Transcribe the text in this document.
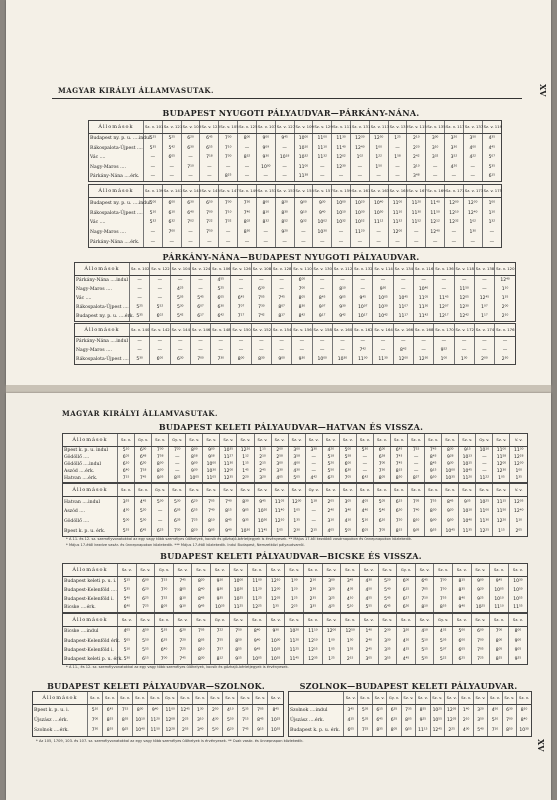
MAGYAR KIRÁLYI ÁLLAMVASUTAK.	XV
BUDAPEST NYUGOTI PÁLYAUDVAR—PÁRKÁNY-NÁNA.
Állomások	Sz. v. 101	Sz. v. 121	Sz. v. 103	Sz. v. 123	Sz. v. 105	Sz. v. 125	Sz. v. 107	Sz. v. 127	Sz. v. 109	Sz. v. 129	Sz. v. 111	Sz. v. 131	Sz. v. 113	Sz. v. 133	Sz. v. 115	Sz. v. 135	Sz. v. 117	Sz. v. 137	Sz. v. 119
Budapest ny. p. u. ....indul	5²⁵	5²⁵	6²⁰	6⁴⁵	7⁰⁰	8⁰⁰	9⁰⁰	9⁴⁵	10⁰⁰	11⁰⁰	11³⁰	12³⁰	12⁵⁰	1²⁵	2¹⁰	3⁰⁰	3²⁰	3⁵⁰	4³⁵
Rákospalota-Újpest ....	5³⁵	5⁴²	6³⁰	6⁵⁵	7¹⁰	—	9⁰⁹	—	10¹⁰	11¹⁰	11⁴⁰	12⁴⁰	1⁰⁰	—	2²⁰	3¹⁰	3³⁰	4⁰⁰	4⁴⁵
Vác ....	—	6⁰⁵	—	7¹⁸	7³⁰	8³²	9³⁰	10¹⁸	10³²	11³²	12⁰²	1⁰²	1²²	1⁵⁸	2⁴²	3³²	3⁵²	4²²	5⁰⁷
Nagy-Maros ....	—	—	7¹⁰	—	—	—	10⁰⁰	—	11⁰⁰	—	12³⁰	—	1⁵⁰	—	3¹⁰	—	4²⁰	—	5³⁵
Párkány-Nána ....érk.	—	—	—	—	8²⁵	—	—	—	11³⁸	—	—	—	—	—	3⁴⁸	—	—	—	6¹⁵
Állomások	Sz. v. 139	Sz. v. 141	Sz. v. 143	Sz. v. 145	Sz. v. 147	Sz. v. 149	Sz. v. 151	Sz. v. 153	Sz. v. 155	Sz. v. 157	Sz. v. 159	Sz. v. 161	Sz. v. 163	Sz. v. 165	Sz. v. 167	Sz. v. 169	Sz. v. 171	Sz. v. 173	Sz. v. 175
Budapest ny. p. u. ....indul	5⁰⁰	6⁰⁰	6³⁰	6⁵⁰	7⁰⁰	7³⁰	8⁰⁰	8²⁰	9⁰⁰	9³⁰	10⁰⁰	10²⁰	10⁴⁰	11⁰⁰	11²⁰	11⁴⁰	12⁰⁰	12³⁰	1⁰⁰
Rákospalota-Újpest ....	5¹⁰	6¹⁰	6⁴⁰	7⁰⁰	7¹⁰	7⁴⁰	8¹⁰	8³⁰	9¹⁰	9⁴⁰	10¹⁰	10³⁰	10⁵⁰	11¹⁰	11³⁰	11⁵⁰	12¹⁰	12⁴⁰	1¹⁰
Vác ....	5³²	6³²	7⁰²	7²²	7³²	8⁰²	8³²	8⁵²	9³²	10⁰²	10³²	10⁵²	11¹²	11³²	11⁵²	12¹²	12³²	1⁰²	1³²
Nagy-Maros ....	—	7⁰⁰	—	7⁵⁰	—	8³⁰	—	9²⁰	—	10³⁰	—	11²⁰	—	12⁰⁰	—	12⁴⁰	—	1³⁰	—
Párkány-Nána ....érk.	—	—	—	—	—	—	—	—	—	—	—	—	—	—	—	—	—	—	—
PÁRKÁNY-NÁNA—BUDAPEST NYUGOTI PÁLYAUDVAR.
Állomások	Sz. v. 102	Sz. v. 122	Sz. v. 104	Sz. v. 124	Sz. v. 106	Sz. v. 126	Sz. v. 108	Sz. v. 128	Sz. v. 110	Sz. v. 130	Sz. v. 112	Sz. v. 132	Sz. v. 114	Sz. v. 134	Sz. v. 116	Sz. v. 136	Sz. v. 118	Sz. v. 138	Sz. v. 120
Párkány-Nána ....indul	—	—	—	—	4⁵⁵	—	—	—	6⁰⁰	—	—	—	—	—	—	—	—	—	12⁴⁰
Nagy-Maros ....	—	—	4²⁵	—	5²⁵	—	6³⁰	—	7⁰⁰	—	8¹⁰	—	9³⁰	—	10⁴⁰	—	11⁵⁰	—	1¹⁰
Vác ....	—	—	5⁰⁵	5⁴⁵	6⁰⁵	6⁴⁵	7⁰⁵	7⁴⁵	8⁰⁵	8⁴⁵	9⁰⁵	9⁴⁵	10⁰⁵	10⁴⁵	11⁰⁵	11⁴⁵	12⁰⁵	12⁴⁵	1³⁵
Rákospalota-Újpest ....	5²⁵	5⁵²	5³⁰	6⁰⁷	6³⁰	7⁰⁷	7³⁰	8⁰⁷	8³⁰	9⁰⁷	9³⁰	10⁰⁷	10³⁰	11⁰⁷	11³⁰	12⁰⁷	12³⁰	1⁰⁷	2⁰⁰
Budapest ny. p. u. ....érk.	5³⁵	6⁰²	5⁴²	6¹⁷	6⁴²	7¹⁷	7⁴²	8¹⁷	8⁴²	9¹⁷	9⁴²	10¹⁷	10⁴²	11¹⁷	11⁴²	12¹⁷	12⁴²	1¹⁷	2¹⁰
Állomások	Sz. v. 140	Sz. v. 142	Sz. v. 144	Sz. v. 146	Sz. v. 148	Sz. v. 150	Sz. v. 152	Sz. v. 154	Sz. v. 156	Sz. v. 158	Sz. v. 160	Sz. v. 162	Sz. v. 164	Sz. v. 166	Sz. v. 168	Sz. v. 170	Sz. v. 172	Sz. v. 174	Sz. v. 176
Párkány-Nána ....indul	—	—	—	—	—	—	—	—	—	—	—	—	—	—	—	—	—	—	—
Nagy-Maros ....	—	—	—	—	—	—	—	—	—	—	—	7⁴²	—	8⁴²	—	9⁵²	—	—	—
Rákospalota-Újpest ....	5³⁰	6⁰⁰	6³⁰	7⁰⁰	7³⁰	8⁰⁰	8³⁰	9⁰⁰	9³⁰	10⁰⁰	10³⁰	11⁰⁰	11³⁰	12⁰⁰	12³⁰	1⁰⁰	1³⁰	2⁰⁰	2³⁰
MAGYAR KIRÁLYI ÁLLAMVASUTAK.
XV
BUDAPEST KELETI PÁLYAUDVAR—HATVAN ÉS VISSZA.
Állomások	Sz. v.	Gy. v.	Sz. v.	Gy. v.	Sz. v.	Sz. v.	Sz. v.	Sz. v.	Sz. v.	Sz. v.	Sz. v.	Sz. v.	Sz. v.	Sz. v.	Sz. v.	Sz. v.	Sz. v.	Sz. v.	Sz. v.	Sz. v.	Sz. v.	Gy. v.	Sz. v.	V. v.
Bpest k. p. u. indul	5¹⁰	6⁰⁰	7⁰⁰	7²⁰	8⁰⁰	9⁰⁰	10³⁵	12²⁰	1¹⁵	2⁰⁰	3⁰⁰	3³⁰	4²⁰	5⁰⁰	5³⁰	6⁰⁰	6⁴⁵	7¹⁵	7⁴⁵	8³⁰	9¹⁵	10¹⁰	11⁰⁰	11³⁰
Gödöllő ....	6⁰⁵	6⁴⁸	7⁵⁸	—	8⁵⁸	9⁵⁸	11²⁷	1¹²	2¹⁰	2⁵⁸	3⁵⁸	—	5¹⁸	5⁵⁸	—	6⁵⁸	7⁴³	—	8⁴³	9²⁸	10¹³	—	11⁵⁸	12²⁸
Gödöllő ....indul	6¹⁰	6⁵⁰	8⁰⁰	—	9⁰⁰	10⁰⁰	11³⁰	1¹⁵	2¹⁵	3⁰⁰	4⁰⁰	—	5²⁰	6⁰⁰	—	7⁰⁰	7⁴⁵	—	8⁴⁵	9³⁰	10¹⁵	—	12⁰⁰	12³⁰
Aszód ....érk.	6⁴⁰	7¹⁸	8³⁰	—	9³⁰	10³⁰	12⁰⁰	1⁴⁵	2⁴⁵	3³⁰	4³⁰	—	5⁵⁰	6³⁰	—	7³⁰	8¹⁵	—	9¹⁵	10⁰⁰	10⁴⁵	—	12³⁰	1⁰⁰
Hatvan ....érk.	7¹⁵	7⁴⁵	9⁰⁵	8³²	10⁰⁵	11⁰⁵	12³⁵	2²⁰	3²⁰	4⁰⁵	5⁰⁵	4⁴²	6²⁵	7⁰⁵	6⁴²	8⁰⁵	8⁵⁰	8²⁷	9⁵⁰	10³⁵	11²⁰	11²²	1⁰⁵	1³⁵
Állomások	Sz. v.	Sz. v.	Gy. v.	Sz. v.	Sz. v.	Sz. v.	Sz. v.	Sz. v.	Sz. v.	Sz. v.	Sz. v.	Gy. v.	Sz. v.	Sz. v.	Sz. v.	Sz. v.	Sz. v.	Sz. v.	Sz. v.	Sz. v.	Sz. v.	Sz. v.	Sz. v.	V. v.
Hatvan ....indul	3⁵⁵	4⁴⁵	5⁰⁰	5³⁰	6²⁰	7⁰⁵	7⁴⁰	8³⁰	9⁴⁵	11⁰⁵	12³⁰	1¹⁸	2⁰⁵	3⁰⁵	4⁰⁵	5⁰⁵	6¹⁵	7⁰⁵	7⁵⁵	8⁴⁵	9³⁵	10²⁵	11¹⁵	12⁰⁵
Aszód ....	4³⁰	5²⁰	—	6⁰⁵	6⁵⁵	7⁴⁰	8¹⁵	9⁰⁵	10²⁰	11⁴⁰	1⁰⁵	—	2⁴⁰	3⁴⁰	4⁴⁰	5⁴⁰	6⁵⁰	7⁴⁰	8³⁰	9²⁰	10¹⁰	11⁰⁰	11⁵⁰	12⁴⁰
Gödöllő ....	5⁰⁰	5⁵⁰	—	6³⁵	7²⁵	8¹⁰	8⁴⁵	9³⁵	10⁵⁰	12¹⁰	1³⁵	—	3¹⁰	4¹⁰	5¹⁰	6¹⁰	7²⁰	8¹⁰	9⁰⁰	9⁵⁰	10⁴⁰	11³⁰	12²⁰	1¹⁰
Bpest k. p. u. érk.	5⁵⁵	6⁴⁵	6²⁵	7³⁰	8²⁰	9⁰⁵	9⁴⁰	10³⁰	11⁴⁵	1⁰⁵	2³⁰	2¹⁵	4⁰⁵	5⁰⁵	6⁰⁵	7⁰⁵	8¹⁵	9⁰⁵	9⁵⁵	10⁴⁵	11³⁵	12²⁵	1¹⁵	2⁰⁵
* A 11. és 12. sz. személyvonatokkal az egy vagy több személyes ülőhelyek, kocsik és gőzhajó-bérletjegyek is érvényesek. ** Május 17-től kezdődő vasárnapokon és ünnepnapokon közlekedik.
* Május 17-étől kezdve vasár- és ünnepnapokon közlekedik. *** Május 17-étől közlekedik. Indul Budapest, Nemzetközi pályaudvarról.
BUDAPEST KELETI PÁLYAUDVAR—BICSKE ÉS VISSZA.
Állomások	Sz. v.	Sz. v.	Gy. v.	Sz. v.	Sz. v.	Sz. v.	Sz. v.	Sz. v.	Sz. v.	Sz. v.	Sz. v.	Sz. v.	Sz. v.	Sz. v.	Sz. v.	Gy. v.	Sz. v.	Sz. v.	Sz. v.	Sz. v.	Sz. v.	Sz. v.
Budapest keleti p. u. i.	5¹⁵	6⁰⁰	7¹⁵	7⁴⁵	8²⁰	9¹⁰	10⁰⁰	11⁰⁰	12¹⁰	1⁰⁰	2¹⁰	3⁰⁰	3⁴⁵	4³⁰	5²⁰	6⁰⁰	6⁴⁵	7³⁰	8¹⁵	9⁰⁰	9⁴⁵	10³⁰
Budapest-Kelenföld ....	5³⁵	6²⁰	7³⁰	8⁰⁵	8⁴⁰	9³⁰	10²⁰	11²⁰	12³⁰	1²⁰	2³⁰	3²⁰	4⁰⁵	4⁵⁰	5⁴⁰	6¹⁵	7⁰⁵	7⁵⁰	8³⁵	9²⁰	10⁰⁵	10⁵⁰
Budapest-Kelenföld i.	5⁴⁰	6²⁵	7³²	8¹⁰	8⁴⁵	9³⁵	10²⁵	11²⁵	12³⁵	1²⁵	2³⁵	3²⁵	4¹⁰	4⁵⁵	5⁴⁵	6¹⁷	7¹⁰	7⁵⁵	8⁴⁰	9²⁵	10¹⁰	10⁵⁵
Bicske ....érk.	6⁴⁰	7²⁵	8⁰⁵	9¹⁰	9⁴⁵	10³⁵	11²⁵	12²⁵	1³⁵	2²⁵	3³⁵	4²⁵	5¹⁰	5⁵⁵	6⁴⁵	6⁵⁰	8¹⁰	8⁵⁵	9⁴⁰	10²⁵	11¹⁰	11⁵⁵
Állomások	Sz. v.	Sz. v.	Sz. v.	Sz. v.	Sz. v.	Gy. v.	Sz. v.	Sz. v.	Sz. v.	Sz. v.	Sz. v.	Sz. v.	Sz. v.	Sz. v.	Sz. v.	Sz. v.	Sz. v.	Gy. v.	Sz. v.	Sz. v.	Sz. v.	Sz. v.
Bicske ....indul	4⁰⁵	4⁵⁰	5³⁵	6²⁰	7⁰⁵	7²²	7⁵⁰	8⁴⁰	9³⁰	10²⁰	11¹⁰	12⁰⁰	12⁵⁰	1⁴⁰	2³⁰	3²⁰	4¹⁰	4³²	5⁰⁰	6⁰⁰	7⁰⁰	8⁰⁰
Budapest-Kelenföld érk.	5⁰⁵	5⁵⁰	6³⁵	7²⁰	8⁰⁵	7⁵⁵	8⁵⁰	9⁴⁰	10³⁰	11²⁰	12¹⁰	1⁰⁰	1⁵⁰	2⁴⁰	3³⁰	4²⁰	5¹⁰	5⁰⁵	6⁰⁰	7⁰⁰	8⁰⁰	9⁰⁰
Budapest-Kelenföld i.	5¹⁰	5⁵⁵	6⁴⁰	7²⁵	8¹⁰	7⁵⁷	8⁵⁵	9⁴⁵	10³⁵	11²⁵	12¹⁵	1⁰⁵	1⁵⁵	2⁴⁵	3³⁵	4²⁵	5¹⁵	5⁰⁷	6⁰⁵	7⁰⁵	8⁰⁵	9⁰⁵
Budapest keleti p. u. érk.	5³⁰	6¹⁵	7⁰⁰	7⁴⁵	8³⁰	8¹²	9¹⁵	10⁰⁵	10⁵⁵	11⁴⁵	12³⁵	1²⁵	2¹⁵	3⁰⁵	3⁵⁵	4⁴⁵	5³⁵	5²²	6²⁵	7²⁵	8²⁵	9²⁵
* A 11., és 12. sz. személyvonatokkal az egy vagy több személyes ülőhelyek, kocsik és gőzhajó-bérletjegyek is érvényesek.
BUDAPEST KELETI PÁLYAUDVAR—SZOLNOK.
Állomások	Sz. v.	Sz. v.	Sz. v.	Sz. v.	Sz. v.	Gy. v.	Sz. v.	Sz. v.	Sz. v.	Sz. v.	Sz. v.	Sz. v.	Sz. v.
Bpest k. p. u. i.	5¹⁰	6⁴⁵	7¹⁵	8³⁰	9⁴⁰	11⁰⁰	12⁴⁵	1³⁰	2⁵⁰	4¹⁰	5³⁵	7⁰⁵	8⁴⁵
Újszász ....érk.	7⁰⁰	8²⁵	8⁵⁵	10¹⁰	11²⁰	12⁰⁸	2²⁵	3¹⁰	4³⁰	5⁵⁰	7¹⁵	8⁴⁵	10²⁵
Szolnok ....érk.	7³⁰	8⁵⁵	9²⁵	10⁴⁰	11⁵⁰	12²⁸	2⁵⁵	3⁴⁰	5⁰⁰	6²⁰	7⁴⁵	9¹⁵	10⁵⁵
SZOLNOK—BUDAPEST KELETI PÁLYAUDVAR.
	Sz. v.	Sz. v.	Sz. v.	Gy. v.	Sz. v.	Sz. v.	Sz. v.	Sz. v.	Sz. v.	Sz. v.	Sz. v.	Sz. v.	Sz. v.
Szolnok ....indul	3⁴⁵	5⁰⁵	6¹⁵	6³⁵	7³⁵	8⁵⁵	10²⁵	12⁰⁵	1⁴⁰	3²⁰	4⁵⁰	6³⁰	8¹⁰
Újszász ....érk.	4¹⁵	5³⁵	6⁴⁵	6⁵⁵	8⁰⁵	9²⁵	10⁵⁵	12³⁵	2¹⁰	3⁵⁰	5²⁰	7⁰⁰	8⁴⁰
Budapest k. p. u. érk.	6⁰⁵	7²⁵	8³⁵	8⁰⁵	9⁵⁵	11¹⁵	12⁴⁵	2²⁵	4⁰⁰	5⁴⁰	7¹⁰	8⁵⁰	10³⁰
* Az 105, 1709, 103. és 107. sz. személyvonatokkal az egy vagy több személyes ülőhelyek is érvényesek. ** Csak vasár- és ünnepnapon közlekedik.
